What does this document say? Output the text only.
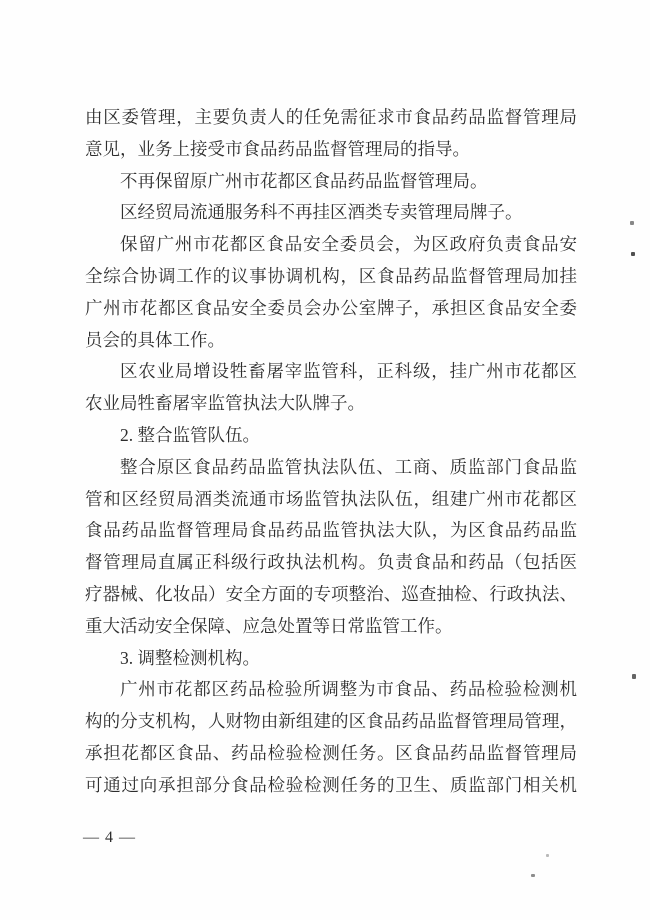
由区委管理，主要负责人的任免需征求市食品药品监督管理局
意见，业务上接受市食品药品监督管理局的指导。
不再保留原广州市花都区食品药品监督管理局。
区经贸局流通服务科不再挂区酒类专卖管理局牌子。
保留广州市花都区食品安全委员会，为区政府负责食品安
全综合协调工作的议事协调机构，区食品药品监督管理局加挂
广州市花都区食品安全委员会办公室牌子，承担区食品安全委
员会的具体工作。
区农业局增设牲畜屠宰监管科，正科级，挂广州市花都区
农业局牲畜屠宰监管执法大队牌子。
2. 整合监管队伍。
整合原区食品药品监管执法队伍、工商、质监部门食品监
管和区经贸局酒类流通市场监管执法队伍，组建广州市花都区
食品药品监督管理局食品药品监管执法大队，为区食品药品监
督管理局直属正科级行政执法机构。负责食品和药品（包括医
疗器械、化妆品）安全方面的专项整治、巡查抽检、行政执法、
重大活动安全保障、应急处置等日常监管工作。
3. 调整检测机构。
广州市花都区药品检验所调整为市食品、药品检验检测机
构的分支机构，人财物由新组建的区食品药品监督管理局管理，
承担花都区食品、药品检验检测任务。区食品药品监督管理局
可通过向承担部分食品检验检测任务的卫生、质监部门相关机
— 4 —
